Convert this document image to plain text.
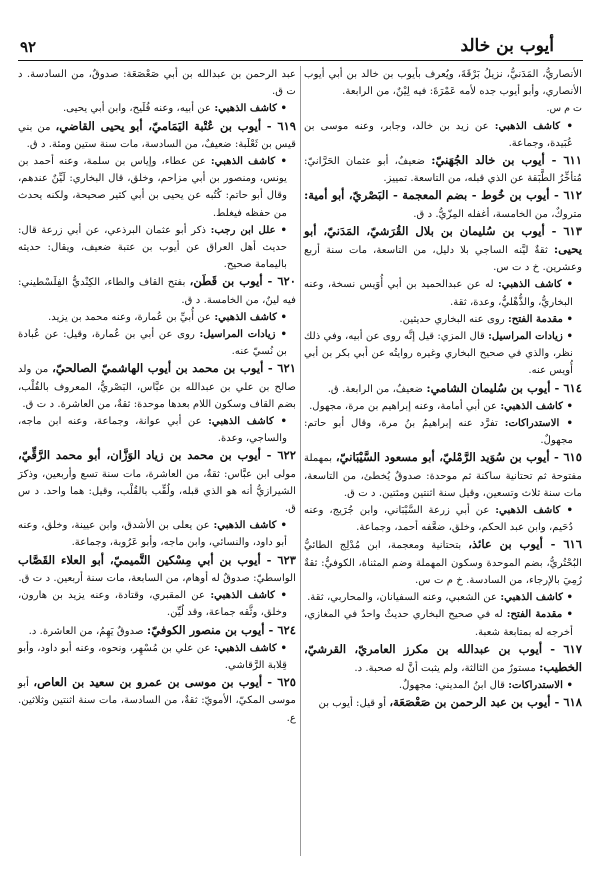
أيوب بن خالد
٩٢

الأنصاريُّ، المَدَنيُّ، نزيلُ بَرْقَةَ، ويُعرف بأيوب بن خالد بن أبي أيوب الأنصاري، وأبو أيوب جده لأمه عَمْرَةَ: فيه لِيْنٌ، من الرابعة.

ت م س.

• كاشف الذهبي: عن زيد بن خالد، وجابر، وعنه موسى بن عُبَيدة، وجماعة.

٦١١ - أيوب بن خالد الجُهَنيّ: ضعيفٌ، أبو عثمان الحَرَّانيّ: مُتأخِّرُ الطَّبَقة عن الذي قبله، من التاسعة. تمييز.

٦١٢ - أيوب بن خُوط - بضم المعجمة - البَصْريّ، أبو أمية: متروكٌ، من الخامسة، أغفله المِزّيُّ. د ق.

٦١٣ - أيوب بن سُليمان بن بلال القُرَشيّ، المَدَنيّ، أبو يحيى: ثقةٌ ليَّنه الساجي بلا دليل، من التاسعة، مات سنة أربع وعشرين. خ د ت س.

• كاشف الذهبي: له عن عبدالحميد بن أبي أُوَيس نسخة، وعنه البخاريُّ، والذُّهْليُّ، وعدة، ثقة.

• مقدمة الفتح: روى عنه البخاري حديثين.

• زيادات المراسيل: قال المزي: قيل إنَّه روى عن أبيه، وفي ذلك نظر، والذي في صحيح البخاري وغيره روايتُه عن أبي بكر بن أبي أُويس عنه.

٦١٤ - أيوب بن سُليمان الشامي: ضعيفٌ، من الرابعة. ق.

• كاشف الذهبي: عن أبي أمامة، وعنه إبراهيم بن مرة، مجهول.

• الاستدراكات: تفرَّد عنه إبراهيمُ بنُ مرة، وقال أبو حاتم: مجهولٌ.

٦١٥ - أيوب بن سُوَيد الرَّمْليّ، أبو مسعود السَّيْبَانيّ، بمهملة مفتوحة ثم تحتانية ساكنة ثم موحدة: صدوقٌ يُخطئ، من التاسعة، مات سنة ثلاث وتسعين، وقيل سنة اثنتين ومئتين. د ت ق.

• كاشف الذهبي: عن أبي زرعة السَّيْبَاني، وابن جُرَيج، وعنه دُحَيم، وابن عبد الحكم، وخلق، ضعَّفه أحمد، وجماعة.

٦١٦ - أيوب بن عائذ، بتحتانية ومعجمة، ابن مُدْلِج الطائيُّ البُحْتُريُّ، بضم الموحدة وسكون المهملة وضم المثناة، الكوفيُّ: ثقةٌ رُمِيَ بالإرجاء، من السادسة. خ م ت س.

• كاشف الذهبي: عن الشعبي، وعنه السفيانان، والمحاربي، ثقة.

• مقدمة الفتح: له في صحيح البخاري حديثٌ واحدٌ في المغازي، أخرجه له بمتابعة شعبة.

٦١٧ - أيوب بن عبدالله بن مكرز العامريّ، القرشيّ، الخطيب: مستورٌ من الثالثة، ولم يثبت أنَّ له صحبة. د.

• الاستدراكات: قال ابنُ المديني: مجهولٌ.

٦١٨ - أيوب بن عبد الرحمن بن صَعْصَعَة، أو قيل: أيوب بن

عبد الرحمن بن عبدالله بن أبي صَعْصَعَة: صدوقٌ، من السادسة. د ت ق.

• كاشف الذهبي: عن أبيه، وعنه فُلَيح، وابن أبي يحيى.

٦١٩ - أيوب بن عُتْبة اليَمَاميّ، أبو يحيى القاضي، من بني قيس بن ثَعْلَبة: ضعيفٌ، من السادسة، مات سنة ستين ومئة. د ق.

• كاشف الذهبي: عن عطاء، وإياس بن سلمة، وعنه أحمد بن يونس، ومنصور بن أبي مزاحم، وخلق، قال البخاري: لَيِّنٌ عندهم، وقال أبو حاتم: كُتُبه عن يحيى بن أبي كثير صحيحة، ولكنه يحدث من حفظه فيغلط.

• علل ابن رجب: ذكر أبو عثمان البرذعي، عن أبي زرعة قال: حديث أهل العراق عن أيوب بن عتبة ضعيف، ويقال: حديثه باليمامة صحيح.

٦٢٠ - أيوب بن قَطَن، بفتح القاف والطاء، الكِنْديُّ الفِلَسْطيني: فيه لينٌ، من الخامسة. د ق.

• كاشف الذهبي: عن أُبيِّ بن عُمارة، وعنه محمد بن يزيد.

• زيادات المراسيل: روى عن أبي بن عُمارة، وقيل: عن عُبادة بن نُسيّ عنه.

٦٢١ - أيوب بن محمد بن أيوب الهاشميّ الصالحيّ، من ولد صالح بن علي بن عبدالله بن عبَّاس، البَصْريُّ، المعروف بالقُلْب، بضم القاف وسكون اللام بعدها موحدة: ثقةٌ، من العاشرة. د ت ق.

• كاشف الذهبي: عن أبي عوانة، وجماعة، وعنه ابن ماجه، والساجي، وعدة.

٦٢٢ - أيوب بن محمد بن زياد الوَزَّان، أبو محمد الرَّقِّيّ، مولى ابن عبَّاس: ثقةٌ، من العاشرة، مات سنة تسع وأربعين، وذكرَ الشيرازيُّ أنه هو الذي قبله، ولُقِّب بالقُلْب، وقيل: هما واحد. د س ق.

• كاشف الذهبي: عن يعلى بن الأشدق، وابن عيينة، وخلق، وعنه أبو داود، والنسائي، وابن ماجه، وأبو عَرُوبة، وجماعة.

٦٢٣ - أيوب بن أبي مِسْكين التَّميميّ، أبو العلاء القَصَّاب الواسطيّ: صدوقٌ له أوهام، من السابعة، مات سنة أربعين. د ت ق.

• كاشف الذهبي: عن المقبري، وقتادة، وعنه يزيد بن هارون، وخلق، وثَّقه جماعة، وقد لُيِّن.

٦٢٤ - أيوب بن منصور الكوفيّ: صدوقٌ يَهِمُ، من العاشرة. د.

• كاشف الذهبي: عن علي بن مُسْهِر، ونحوه، وعنه أبو داود، وأبو قِلابة الرَّقاشي.

٦٢٥ - أيوب بن موسى بن عمرو بن سعيد بن العاص، أبو موسى المكيّ، الأمويّ: ثقةٌ، من السادسة، مات سنة اثنتين وثلاثين. ع.
